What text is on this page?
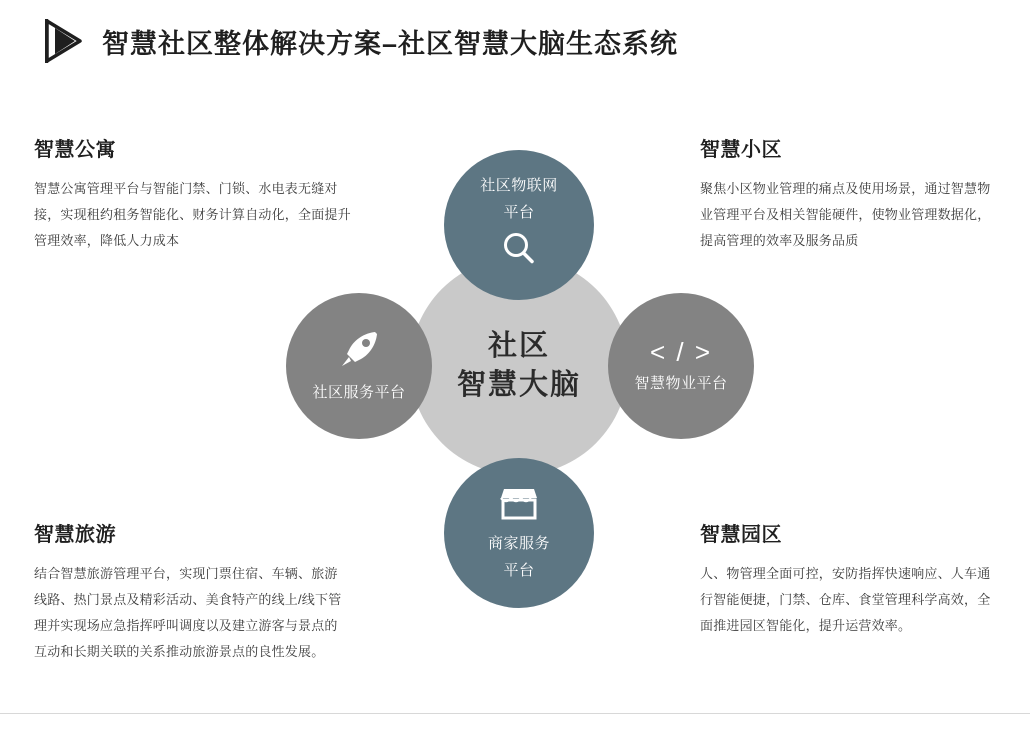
智慧社区整体解决方案–社区智慧大脑生态系统
智慧公寓
智慧公寓管理平台与智能门禁、门锁、水电表无缝对接，实现租约租务智能化、财务计算自动化，全面提升管理效率，降低人力成本
智慧小区
聚焦小区物业管理的痛点及使用场景，通过智慧物业管理平台及相关智能硬件，使物业管理数据化，提高管理的效率及服务品质
智慧旅游
结合智慧旅游管理平台，实现门票住宿、车辆、旅游线路、热门景点及精彩活动、美食特产的线上/线下管理并实现场应急指挥呼叫调度以及建立游客与景点的互动和长期关联的关系推动旅游景点的良性发展。
智慧园区
人、物管理全面可控，安防指挥快速响应、人车通行智能便捷，门禁、仓库、食堂管理科学高效，全面推进园区智能化，提升运营效率。
社区
智慧大脑
社区物联网
平台
商家服务
平台
社区服务平台
< / >
智慧物业平台
